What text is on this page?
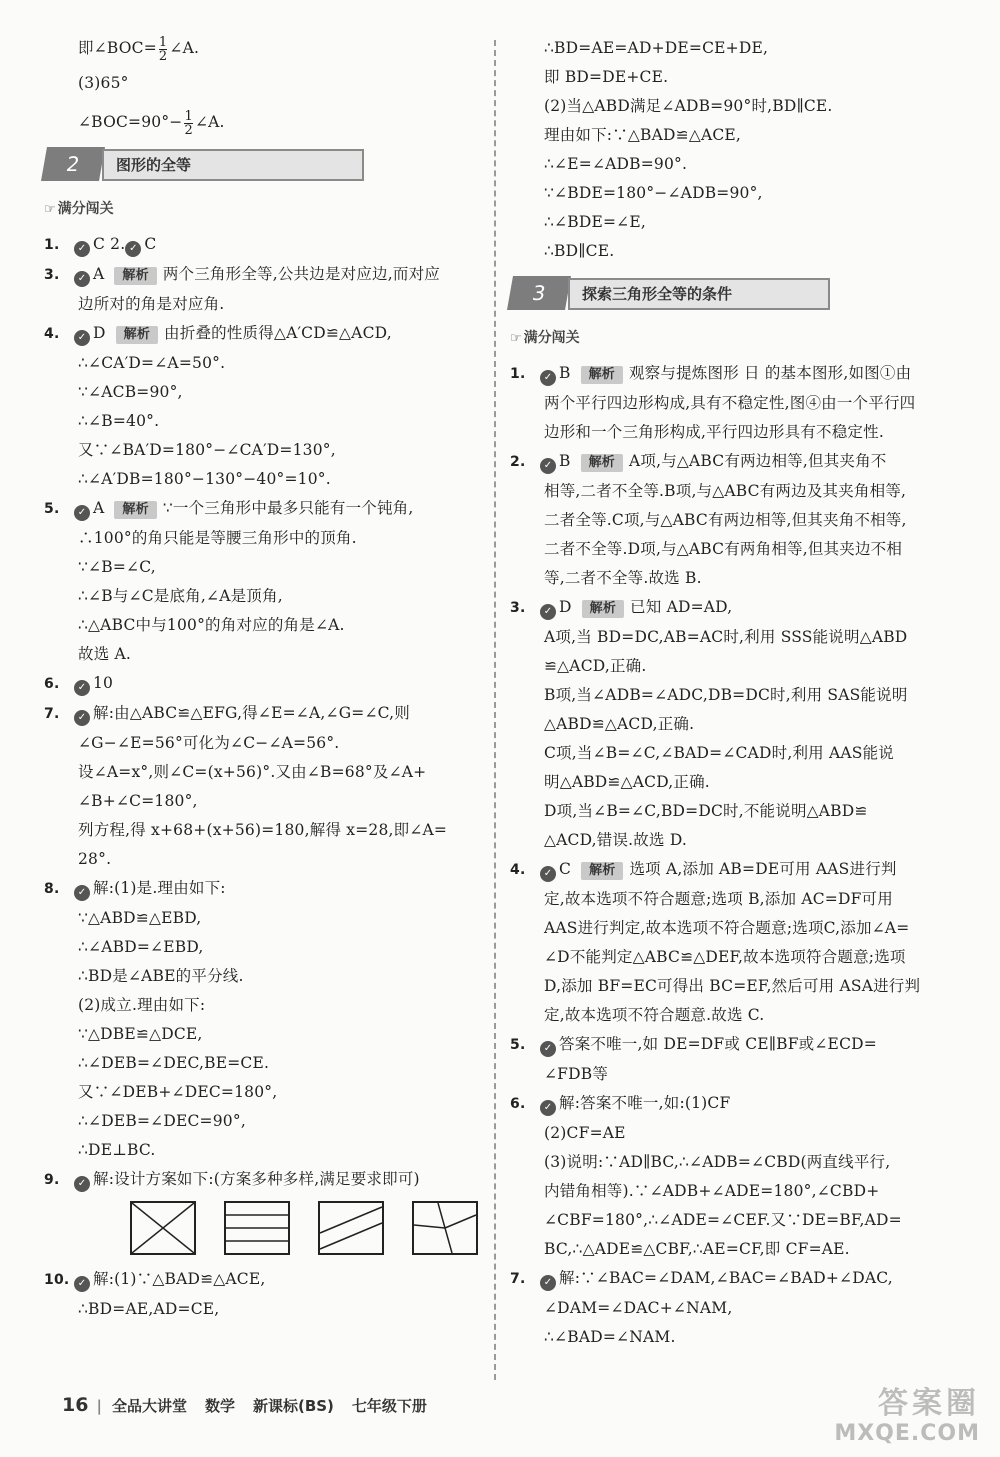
即∠BOC= $\frac{1}{2}$ ∠A.
(3)65°
∠BOC=90°− $\frac{1}{2}$ ∠A.
2	图形的全等
☞ 满分闯关
1. ✓ C 2. ✓ C
3. ✓ A 解析 两个三角形全等,公共边是对应边,而对应
边所对的角是对应角.
4. ✓ D 解析 由折叠的性质得△A′CD≌△ACD,
∴∠CA′D=∠A=50°.
∵∠ACB=90°,
∴∠B=40°.
又∵∠BA′D=180°−∠CA′D=130°,
∴∠A′DB=180°−130°−40°=10°.
5. ✓ A 解析 ∵一个三角形中最多只能有一个钝角,
∴100°的角只能是等腰三角形中的顶角.
∵∠B=∠C,
∴∠B与∠C是底角,∠A是顶角,
∴△ABC中与100°的角对应的角是∠A.
故选 A.
6. ✓ 10
7. ✓ 解:由△ABC≌△EFG,得∠E=∠A,∠G=∠C,则
∠G−∠E=56°可化为∠C−∠A=56°.
设∠A=x°,则∠C=(x+56)°.又由∠B=68°及∠A+
∠B+∠C=180°,
列方程,得 x+68+(x+56)=180,解得 x=28,即∠A=
28°.
8. ✓ 解:(1)是.理由如下:
∵△ABD≌△EBD,
∴∠ABD=∠EBD,
∴BD是∠ABE的平分线.
(2)成立.理由如下:
∵△DBE≌△DCE,
∴∠DEB=∠DEC,BE=CE.
又∵∠DEB+∠DEC=180°,
∴∠DEB=∠DEC=90°,
∴DE⊥BC.
9. ✓ 解:设计方案如下:(方案多种多样,满足要求即可)
10. ✓ 解:(1)∵△BAD≌△ACE,
∴BD=AE,AD=CE,
∴BD=AE=AD+DE=CE+DE,
即 BD=DE+CE.
(2)当△ABD满足∠ADB=90°时,BD∥CE.
理由如下:∵△BAD≌△ACE,
∴∠E=∠ADB=90°.
∵∠BDE=180°−∠ADB=90°,
∴∠BDE=∠E,
∴BD∥CE.
3	探索三角形全等的条件
☞ 满分闯关
1. ✓ B 解析 观察与提炼图形 日 的基本图形,如图①由
两个平行四边形构成,具有不稳定性,图④由一个平行四
边形和一个三角形构成,平行四边形具有不稳定性.
2. ✓ B 解析 A项,与△ABC有两边相等,但其夹角不
相等,二者不全等.B项,与△ABC有两边及其夹角相等,
二者全等.C项,与△ABC有两边相等,但其夹角不相等,
二者不全等.D项,与△ABC有两角相等,但其夹边不相
等,二者不全等.故选 B.
3. ✓ D 解析 已知 AD=AD,
A项,当 BD=DC,AB=AC时,利用 SSS能说明△ABD
≌△ACD,正确.
B项,当∠ADB=∠ADC,DB=DC时,利用 SAS能说明
△ABD≌△ACD,正确.
C项,当∠B=∠C,∠BAD=∠CAD时,利用 AAS能说
明△ABD≌△ACD,正确.
D项,当∠B=∠C,BD=DC时,不能说明△ABD≌
△ACD,错误.故选 D.
4. ✓ C 解析 选项 A,添加 AB=DE可用 AAS进行判
定,故本选项不符合题意;选项 B,添加 AC=DF可用
AAS进行判定,故本选项不符合题意;选项C,添加∠A=
∠D不能判定△ABC≌△DEF,故本选项符合题意;选项
D,添加 BF=EC可得出 BC=EF,然后可用 ASA进行判
定,故本选项不符合题意.故选 C.
5. ✓ 答案不唯一,如 DE=DF或 CE∥BF或∠ECD=
∠FDB等
6. ✓ 解:答案不唯一,如:(1)CF
(2)CF=AE
(3)说明:∵AD∥BC,∴∠ADB=∠CBD(两直线平行,
内错角相等).∵∠ADB+∠ADE=180°,∠CBD+
∠CBF=180°,∴∠ADE=∠CEF.又∵DE=BF,AD=
BC,∴△ADE≌△CBF,∴AE=CF,即 CF=AE.
7. ✓ 解:∵∠BAC=∠DAM,∠BAC=∠BAD+∠DAC,
∠DAM=∠DAC+∠NAM,
∴∠BAD=∠NAM.
16 | 全品大讲堂 数学 新课标(BS) 七年级下册	答案圈
MXQE.COM
